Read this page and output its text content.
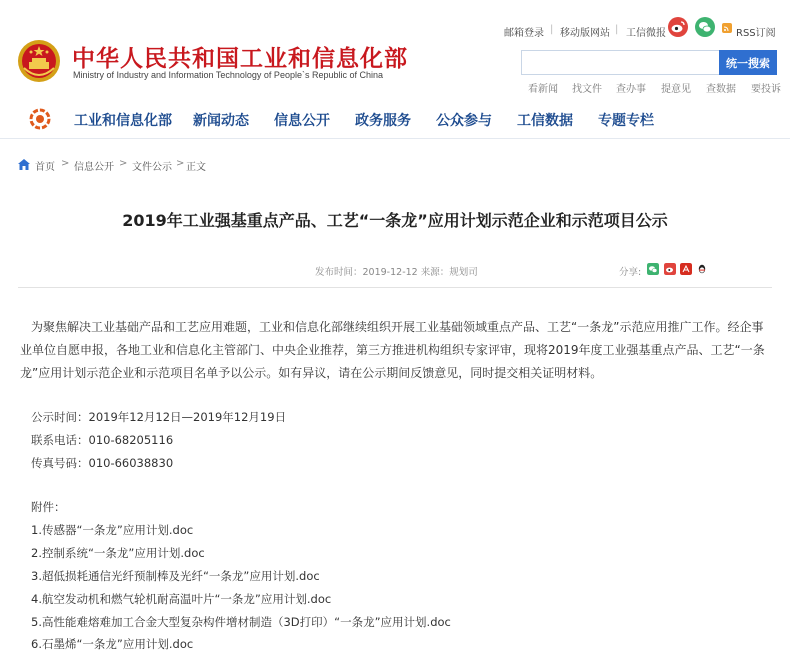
中华人民共和国工业和信息化部
Ministry of Industry and Information Technology of People`s Republic of China
邮箱登录 | 移动版网站 | 工信微报	RSS订阅
统一搜索
看新闻 找文件 查办事 提意见 查数据 要投诉
工业和信息化部 新闻动态 信息公开 政务服务 公众参与 工信数据 专题专栏
首页 > 信息公开 > 文件公示 > 正文
2019年工业强基重点产品、工艺“一条龙”应用计划示范企业和示范项目公示
发布时间：2019-12-12 来源：规划司	分享:
为聚焦解决工业基础产品和工艺应用难题，工业和信息化部继续组织开展工业基础领域重点产品、工艺“一条龙”示范应用推广工作。经企事
业单位自愿申报，各地工业和信息化主管部门、中央企业推荐，第三方推进机构组织专家评审，现将2019年度工业强基重点产品、工艺“一条
龙”应用计划示范企业和示范项目名单予以公示。如有异议，请在公示期间反馈意见，同时提交相关证明材料。
公示时间：2019年12月12日—2019年12月19日
联系电话：010-68205116
传真号码：010-66038830
附件：
1.传感器“一条龙”应用计划.doc
2.控制系统“一条龙”应用计划.doc
3.超低损耗通信光纤预制棒及光纤“一条龙”应用计划.doc
4.航空发动机和燃气轮机耐高温叶片“一条龙”应用计划.doc
5.高性能难熔难加工合金大型复杂构件增材制造（3D打印）“一条龙”应用计划.doc
6.石墨烯“一条龙”应用计划.doc
